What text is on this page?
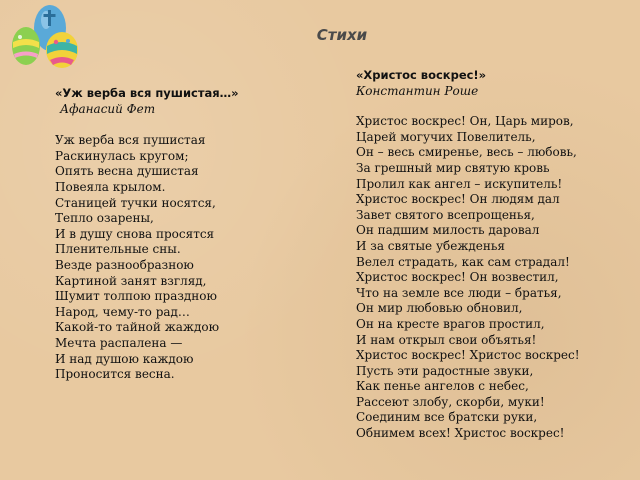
Стихи
«Уж верба вся пушистая…»
Афанасий Фет
Уж верба вся пушистая
Раскинулась кругом;
Опять весна душистая
Повеяла крылом.
Станицей тучки носятся,
Тепло озарены,
И в душу снова просятся
Пленительные сны.
Везде разнообразною
Картиной занят взгляд,
Шумит толпою праздною
Народ, чему-то рад…
Какой-то тайной жаждою
Мечта распалена —
И над душою каждою
Проносится весна.
«Христос воскрес!»
Константин Роше
Христос воскрес! Он, Царь миров,
Царей могучих Повелитель,
Он – весь смиренье, весь – любовь,
За грешный мир святую кровь
Пролил как ангел – искупитель!
Христос воскрес! Он людям дал
Завет святого всепрощенья,
Он падшим милость даровал
И за святые убежденья
Велел страдать, как сам страдал!
Христос воскрес! Он возвестил,
Что на земле все люди – братья,
Он мир любовью обновил,
Он на кресте врагов простил,
И нам открыл свои объятья!
Христос воскрес! Христос воскрес!
Пусть эти радостные звуки,
Как пенье ангелов с небес,
Рассеют злобу, скорби, муки!
Соединим все братски руки,
Обнимем всех! Христос воскрес!
